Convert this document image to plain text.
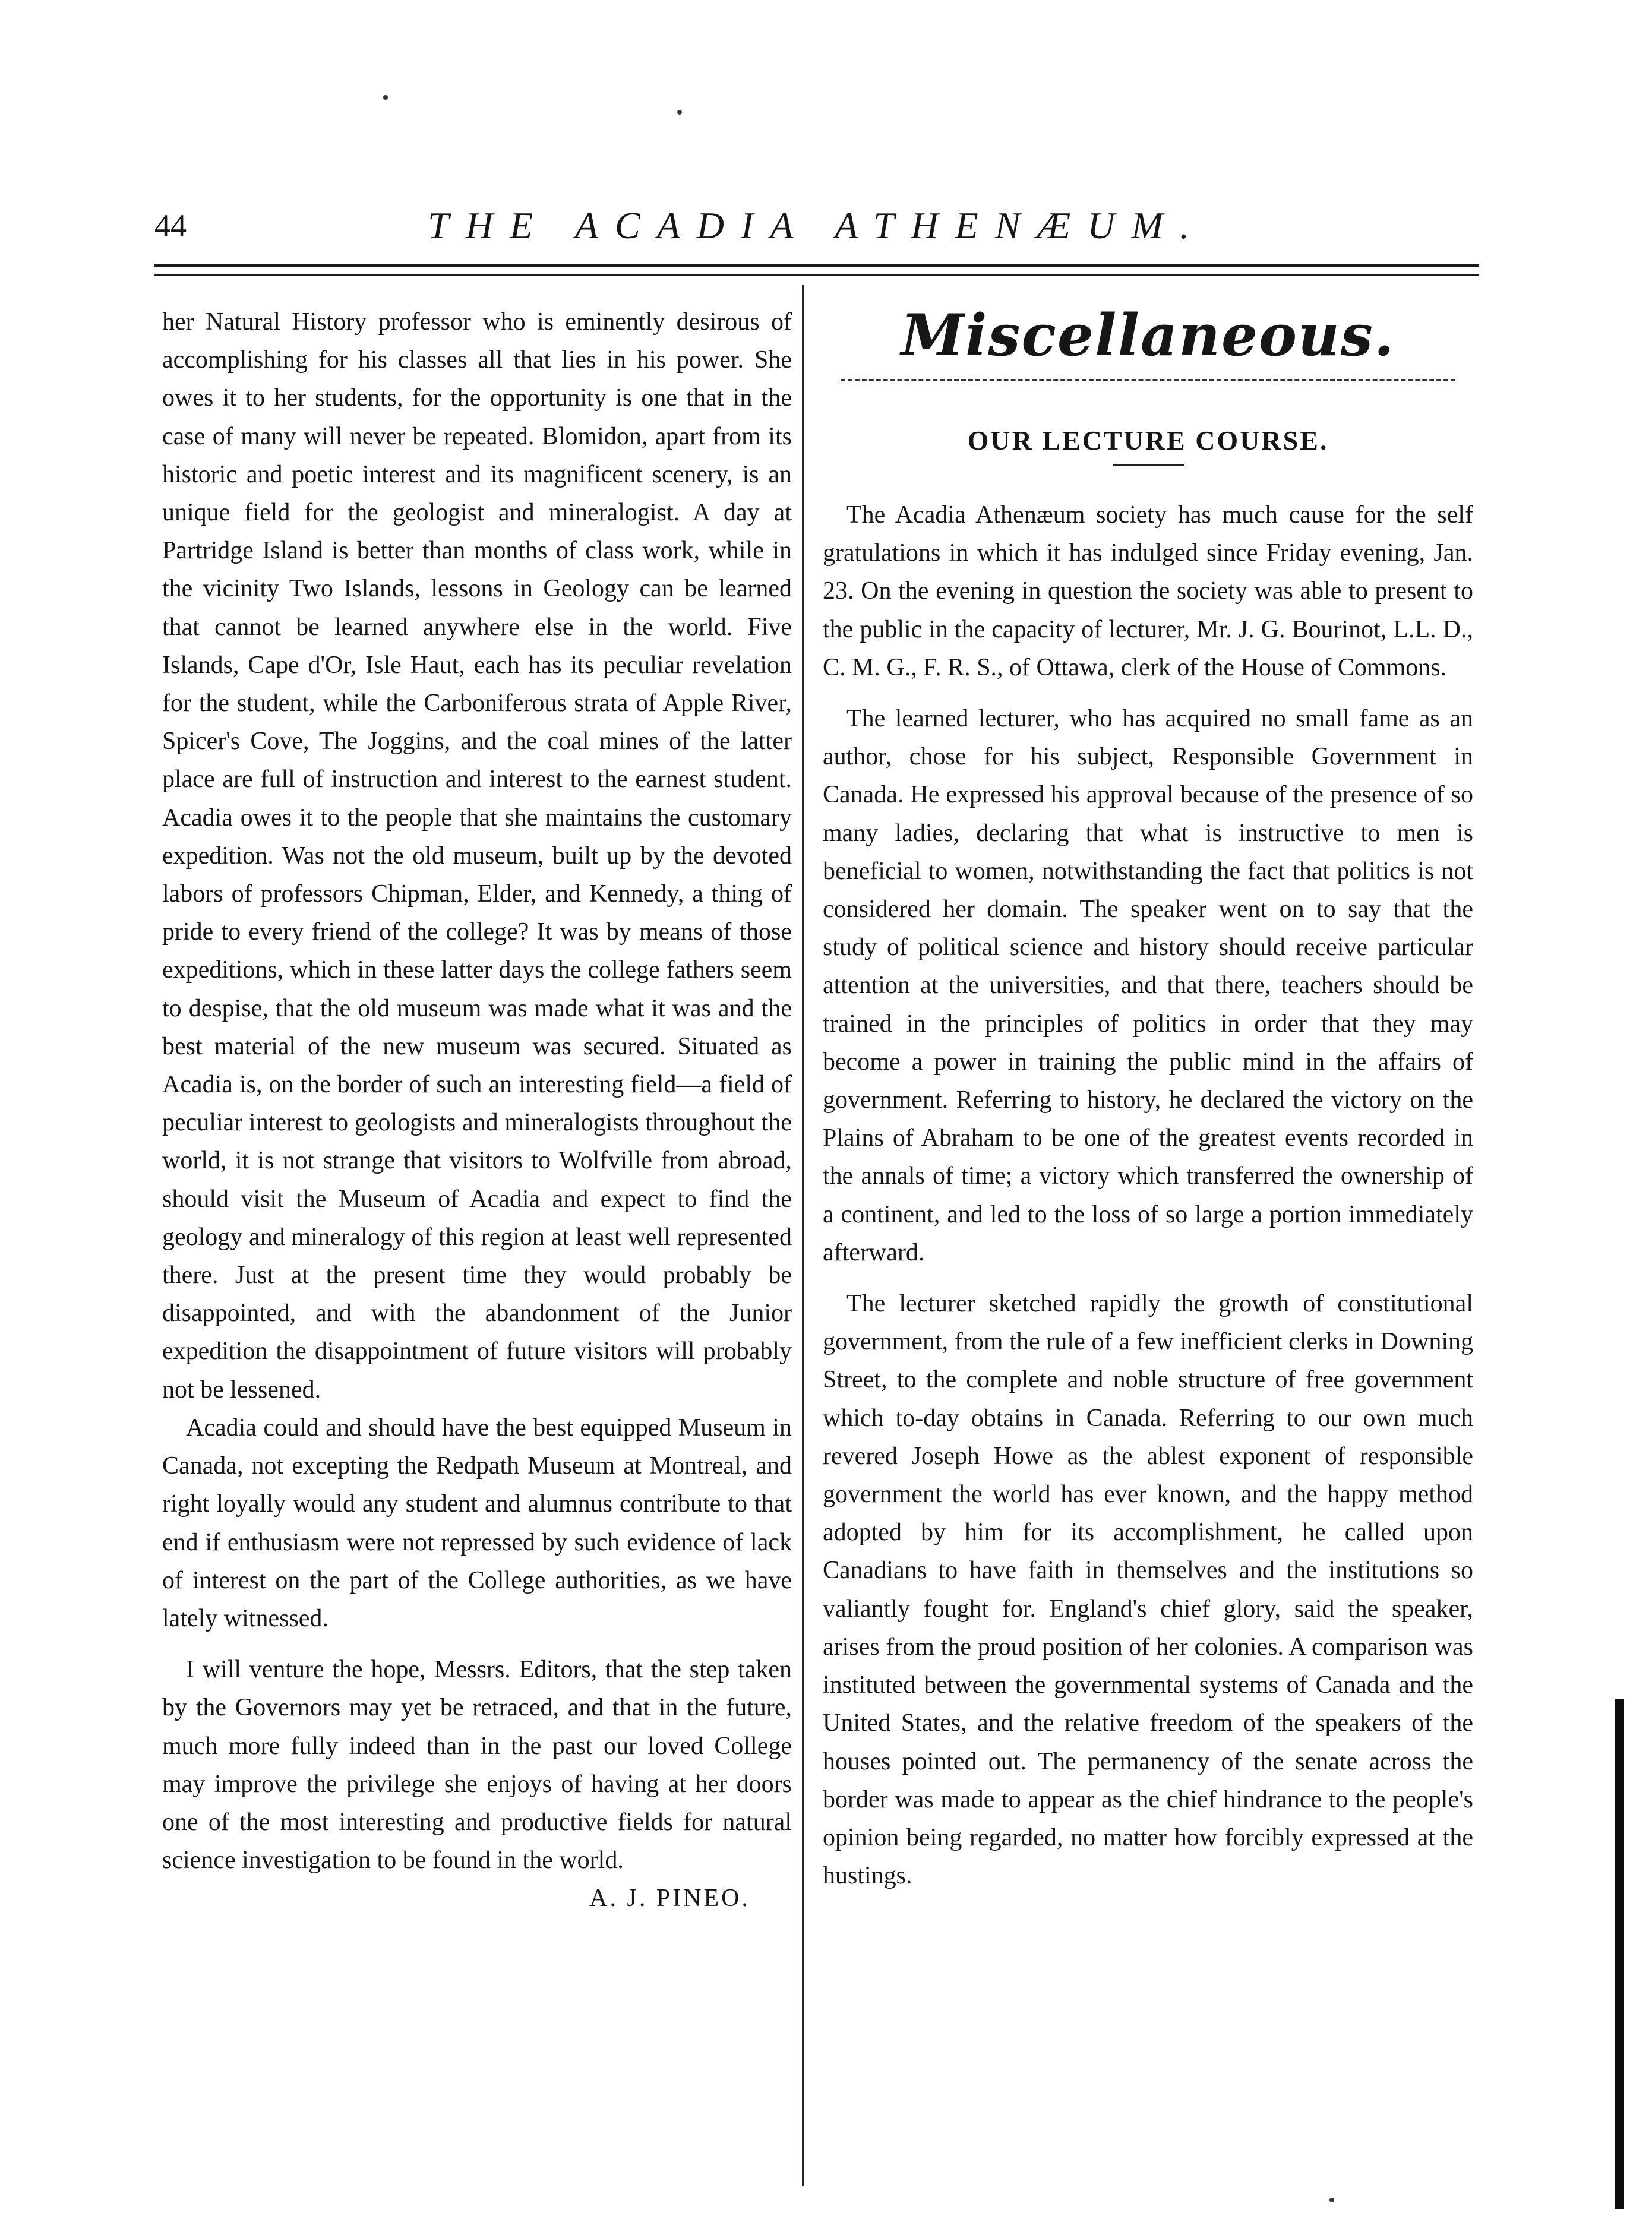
44	THE ACADIA ATHENÆUM.

her Natural History professor who is eminently desirous of accomplishing for his classes all that lies in his power. She owes it to her students, for the opportunity is one that in the case of many will never be repeated. Blomidon, apart from its historic and poetic interest and its magnificent scenery, is an unique field for the geologist and mineralogist. A day at Partridge Island is better than months of class work, while in the vicinity Two Islands, lessons in Geology can be learned that cannot be learned anywhere else in the world. Five Islands, Cape d'Or, Isle Haut, each has its peculiar revelation for the student, while the Carboniferous strata of Apple River, Spicer's Cove, The Joggins, and the coal mines of the latter place are full of instruction and interest to the earnest student. Acadia owes it to the people that she maintains the customary expedition. Was not the old museum, built up by the devoted labors of professors Chipman, Elder, and Kennedy, a thing of pride to every friend of the college? It was by means of those expeditions, which in these latter days the college fathers seem to despise, that the old museum was made what it was and the best material of the new museum was secured. Situated as Acadia is, on the border of such an interesting field—a field of peculiar interest to geologists and mineralogists throughout the world, it is not strange that visitors to Wolfville from abroad, should visit the Museum of Acadia and expect to find the geology and mineralogy of this region at least well represented there. Just at the present time they would probably be disappointed, and with the abandonment of the Junior expedition the disappointment of future visitors will probably not be lessened.

Acadia could and should have the best equipped Museum in Canada, not excepting the Redpath Museum at Montreal, and right loyally would any student and alumnus contribute to that end if enthusiasm were not repressed by such evidence of lack of interest on the part of the College authorities, as we have lately witnessed.

I will venture the hope, Messrs. Editors, that the step taken by the Governors may yet be retraced, and that in the future, much more fully indeed than in the past our loved College may improve the privilege she enjoys of having at her doors one of the most interesting and productive fields for natural science investigation to be found in the world.

A. J. PINEO.

Miscellaneous.
OUR LECTURE COURSE.

The Acadia Athenæum society has much cause for the self gratulations in which it has indulged since Friday evening, Jan. 23. On the evening in question the society was able to present to the public in the capacity of lecturer, Mr. J. G. Bourinot, L.L. D., C. M. G., F. R. S., of Ottawa, clerk of the House of Commons.

The learned lecturer, who has acquired no small fame as an author, chose for his subject, Responsible Government in Canada. He expressed his approval because of the presence of so many ladies, declaring that what is instructive to men is beneficial to women, notwithstanding the fact that politics is not considered her domain. The speaker went on to say that the study of political science and history should receive particular attention at the universities, and that there, teachers should be trained in the principles of politics in order that they may become a power in training the public mind in the affairs of government. Referring to history, he declared the victory on the Plains of Abraham to be one of the greatest events recorded in the annals of time; a victory which transferred the ownership of a continent, and led to the loss of so large a portion immediately afterward.

The lecturer sketched rapidly the growth of constitutional government, from the rule of a few inefficient clerks in Downing Street, to the complete and noble structure of free government which to-day obtains in Canada. Referring to our own much revered Joseph Howe as the ablest exponent of responsible government the world has ever known, and the happy method adopted by him for its accomplishment, he called upon Canadians to have faith in themselves and the institutions so valiantly fought for. England's chief glory, said the speaker, arises from the proud position of her colonies. A comparison was instituted between the governmental systems of Canada and the United States, and the relative freedom of the speakers of the houses pointed out. The permanency of the senate across the border was made to appear as the chief hindrance to the people's opinion being regarded, no matter how forcibly expressed at the hustings.
